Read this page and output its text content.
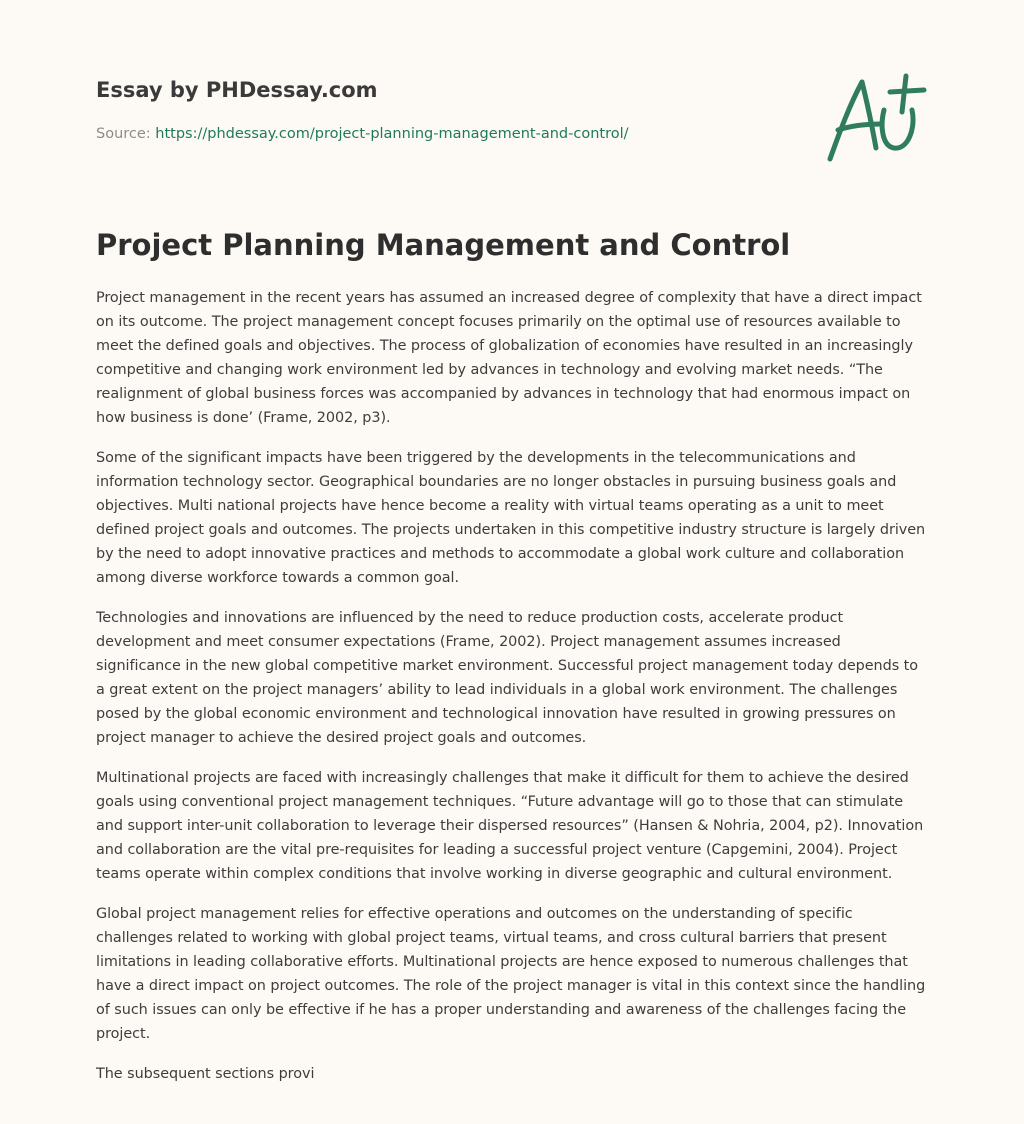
Essay by PHDessay.com
Source: https://phdessay.com/project-planning-management-and-control/
Project Planning Management and Control

Project management in the recent years has assumed an increased degree of complexity that have a direct impact on its outcome. The project management concept focuses primarily on the optimal use of resources available to meet the defined goals and objectives. The process of globalization of economies have resulted in an increasingly competitive and changing work environment led by advances in technology and evolving market needs. “The realignment of global business forces was accompanied by advances in technology that had enormous impact on how business is done’ (Frame, 2002, p3).

Some of the significant impacts have been triggered by the developments in the telecommunications and information technology sector. Geographical boundaries are no longer obstacles in pursuing business goals and objectives. Multi national projects have hence become a reality with virtual teams operating as a unit to meet defined project goals and outcomes. The projects undertaken in this competitive industry structure is largely driven by the need to adopt innovative practices and methods to accommodate a global work culture and collaboration among diverse workforce towards a common goal.

Technologies and innovations are influenced by the need to reduce production costs, accelerate product development and meet consumer expectations (Frame, 2002). Project management assumes increased significance in the new global competitive market environment. Successful project management today depends to a great extent on the project managers’ ability to lead individuals in a global work environment. The challenges posed by the global economic environment and technological innovation have resulted in growing pressures on project manager to achieve the desired project goals and outcomes.

Multinational projects are faced with increasingly challenges that make it difficult for them to achieve the desired goals using conventional project management techniques. “Future advantage will go to those that can stimulate and support inter-unit collaboration to leverage their dispersed resources” (Hansen & Nohria, 2004, p2). Innovation and collaboration are the vital pre-requisites for leading a successful project venture (Capgemini, 2004). Project teams operate within complex conditions that involve working in diverse geographic and cultural environment.

Global project management relies for effective operations and outcomes on the understanding of specific challenges related to working with global project teams, virtual teams, and cross cultural barriers that present limitations in leading collaborative efforts. Multinational projects are hence exposed to numerous challenges that have a direct impact on project outcomes. The role of the project manager is vital in this context since the handling of such issues can only be effective if he has a proper understanding and awareness of the challenges facing the project.

The subsequent sections provi
